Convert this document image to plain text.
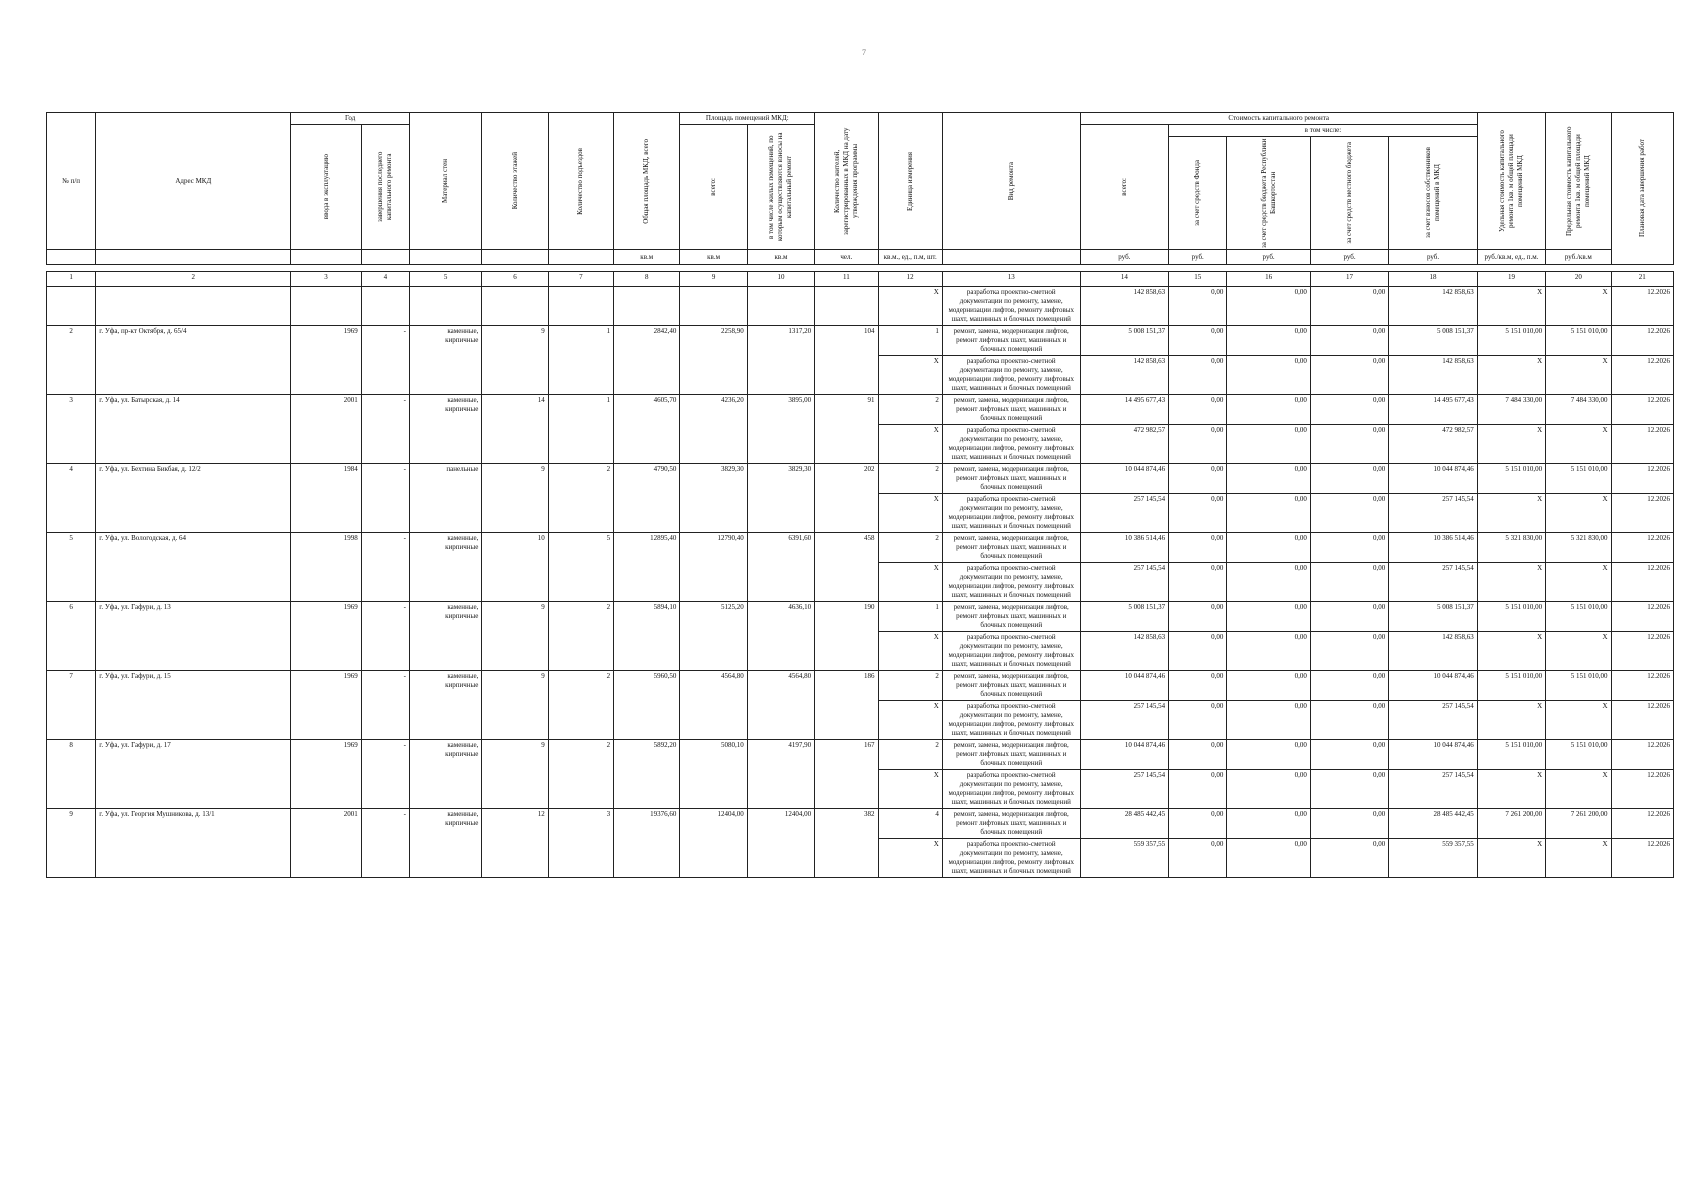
7
№ п/п	Адрес МКД	Год		Материал стен	Количество этажей	Количество подъездов	Общая площадь МКД, всего	Площадь помещений МКД:		Количество жителей, зарегистрированных в МКД на дату утверждения программы	Единица измерения	Вид ремонта	Стоимость капитального ремонта					Удельная стоимость капитального ремонта 1кв. м общей площади помещений МКД	Предельная стоимость капитального ремонта 1кв. м общей площади помещений МКД	Плановая дата завершения работ

		ввода в эксплуатацию	завершения последнего капитального ремонта					всего:	в том числе жилых помещений, по которым осуществляются взносы на капитальный ремонт				всего:	в том числе:						

														за счет средств Фонда	за счет средств бюджета Республики Башкортостан	за счет средств местного бюджета	за счет взносов собственников помещений в МКД			

							кв.м	кв.м	кв.м	чел.	кв.м., ед., п.м, шт.		руб.	руб.	руб.	руб.	руб.	руб./кв.м, ед., п.м.	руб./кв.м	

1	2	3	4	5	6	7	8	9	10	11	12	13	14	15	16	17	18	19	20	21
											X	разработка проектно-сметной документации по ремонту, замене, модернизации лифтов, ремонту лифтовых шахт, машинных и блочных помещений	142 858,63	0,00	0,00	0,00	142 858,63	X	X	12.2026
2	г. Уфа, пр-кт Октября, д. 65/4	1969	-	каменные, кирпичные	9	1	2842,40	2258,90	1317,20	104	1	ремонт, замена, модернизация лифтов, ремонт лифтовых шахт, машинных и блочных помещений	5 008 151,37	0,00	0,00	0,00	5 008 151,37	5 151 010,00	5 151 010,00	12.2026
											X	разработка проектно-сметной документации по ремонту, замене, модернизации лифтов, ремонту лифтовых шахт, машинных и блочных помещений	142 858,63	0,00	0,00	0,00	142 858,63	X	X	12.2026
3	г. Уфа, ул. Батырская, д. 14	2001	-	каменные, кирпичные	14	1	4605,70	4236,20	3895,00	91	2	ремонт, замена, модернизация лифтов, ремонт лифтовых шахт, машинных и блочных помещений	14 495 677,43	0,00	0,00	0,00	14 495 677,43	7 484 330,00	7 484 330,00	12.2026
											X	разработка проектно-сметной документации по ремонту, замене, модернизации лифтов, ремонту лифтовых шахт, машинных и блочных помещений	472 982,57	0,00	0,00	0,00	472 982,57	X	X	12.2026
4	г. Уфа, ул. Бехтина Бикбая, д. 12/2	1984	-	панельные	9	2	4790,50	3829,30	3829,30	202	2	ремонт, замена, модернизация лифтов, ремонт лифтовых шахт, машинных и блочных помещений	10 044 874,46	0,00	0,00	0,00	10 044 874,46	5 151 010,00	5 151 010,00	12.2026
											X	разработка проектно-сметной документации по ремонту, замене, модернизации лифтов, ремонту лифтовых шахт, машинных и блочных помещений	257 145,54	0,00	0,00	0,00	257 145,54	X	X	12.2026
5	г. Уфа, ул. Вологодская, д. 64	1998	-	каменные, кирпичные	10	5	12895,40	12790,40	6391,60	458	2	ремонт, замена, модернизация лифтов, ремонт лифтовых шахт, машинных и блочных помещений	10 386 514,46	0,00	0,00	0,00	10 386 514,46	5 321 830,00	5 321 830,00	12.2026
											X	разработка проектно-сметной документации по ремонту, замене, модернизации лифтов, ремонту лифтовых шахт, машинных и блочных помещений	257 145,54	0,00	0,00	0,00	257 145,54	X	X	12.2026
6	г. Уфа, ул. Гафури, д. 13	1969	-	каменные, кирпичные	9	2	5894,10	5125,20	4636,10	190	1	ремонт, замена, модернизация лифтов, ремонт лифтовых шахт, машинных и блочных помещений	5 008 151,37	0,00	0,00	0,00	5 008 151,37	5 151 010,00	5 151 010,00	12.2026
											X	разработка проектно-сметной документации по ремонту, замене, модернизации лифтов, ремонту лифтовых шахт, машинных и блочных помещений	142 858,63	0,00	0,00	0,00	142 858,63	X	X	12.2026
7	г. Уфа, ул. Гафури, д. 15	1969	-	каменные, кирпичные	9	2	5960,50	4564,80	4564,80	186	2	ремонт, замена, модернизация лифтов, ремонт лифтовых шахт, машинных и блочных помещений	10 044 874,46	0,00	0,00	0,00	10 044 874,46	5 151 010,00	5 151 010,00	12.2026
											X	разработка проектно-сметной документации по ремонту, замене, модернизации лифтов, ремонту лифтовых шахт, машинных и блочных помещений	257 145,54	0,00	0,00	0,00	257 145,54	X	X	12.2026
8	г. Уфа, ул. Гафури, д. 17	1969	-	каменные, кирпичные	9	2	5892,20	5080,10	4197,90	167	2	ремонт, замена, модернизация лифтов, ремонт лифтовых шахт, машинных и блочных помещений	10 044 874,46	0,00	0,00	0,00	10 044 874,46	5 151 010,00	5 151 010,00	12.2026
											X	разработка проектно-сметной документации по ремонту, замене, модернизации лифтов, ремонту лифтовых шахт, машинных и блочных помещений	257 145,54	0,00	0,00	0,00	257 145,54	X	X	12.2026
9	г. Уфа, ул. Георгия Мушникова, д. 13/1	2001	-	каменные, кирпичные	12	3	19376,60	12404,00	12404,00	382	4	ремонт, замена, модернизация лифтов, ремонт лифтовых шахт, машинных и блочных помещений	28 485 442,45	0,00	0,00	0,00	28 485 442,45	7 261 200,00	7 261 200,00	12.2026
											X	разработка проектно-сметной документации по ремонту, замене, модернизации лифтов, ремонту лифтовых шахт, машинных и блочных помещений	559 357,55	0,00	0,00	0,00	559 357,55	X	X	12.2026
